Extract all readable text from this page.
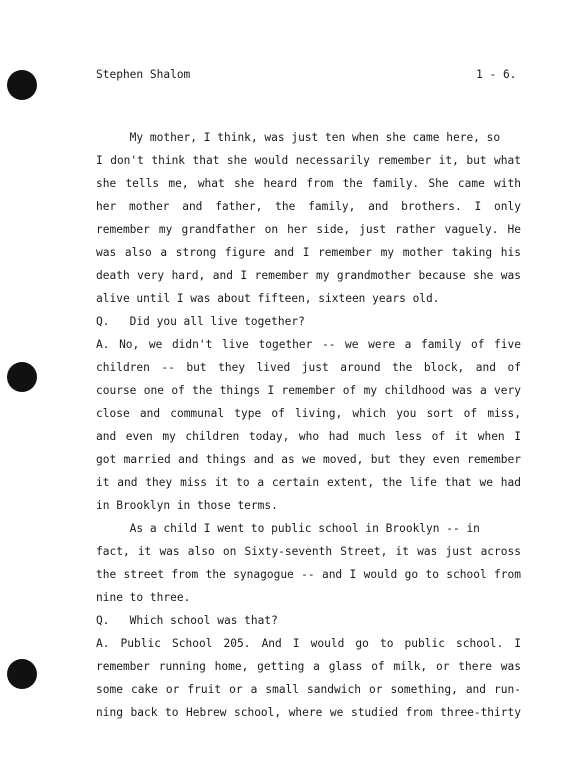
Stephen Shalom	1 - 6.
My mother, I think, was just ten when she came here, so
I don't think that she would necessarily remember it, but what
she tells me, what she heard from the family. She came with
her mother and father, the family, and brothers. I only
remember my grandfather on her side, just rather vaguely. He
was also a strong figure and I remember my mother taking his
death very hard, and I remember my grandmother because she was
alive until I was about fifteen, sixteen years old.
Q.   Did you all live together?
A. No, we didn't live together -- we were a family of five
children -- but they lived just around the block, and of
course one of the things I remember of my childhood was a very
close and communal type of living, which you sort of miss,
and even my children today, who had much less of it when I
got married and things and as we moved, but they even remember
it and they miss it to a certain extent, the life that we had
in Brooklyn in those terms.
As a child I went to public school in Brooklyn -- in
fact, it was also on Sixty-seventh Street, it was just across
the street from the synagogue -- and I would go to school from
nine to three.
Q.   Which school was that?
A. Public School 205. And I would go to public school. I
remember running home, getting a glass of milk, or there was
some cake or fruit or a small sandwich or something, and run-
ning back to Hebrew school, where we studied from three-thirty
